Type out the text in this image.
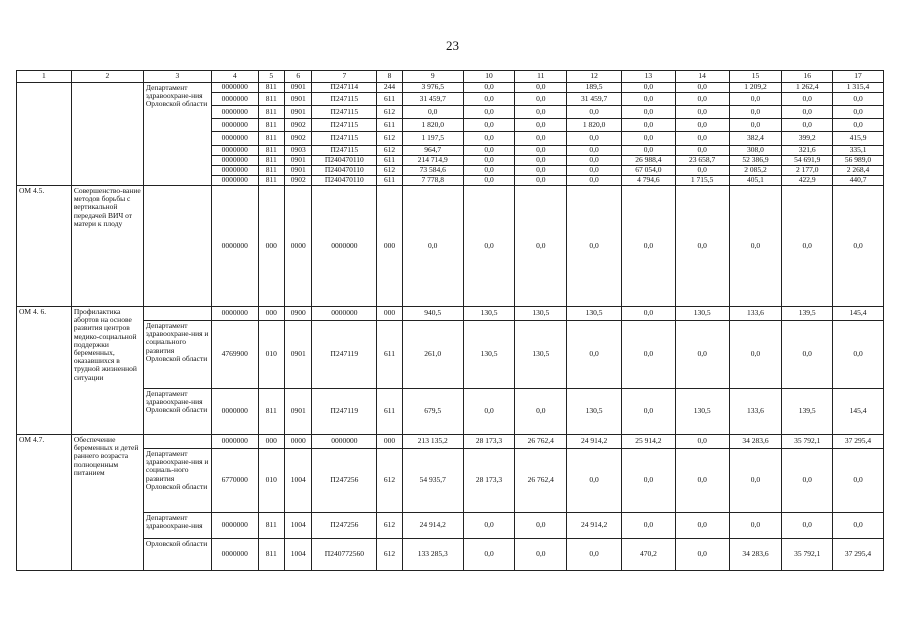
23
1	2	3	4	5	6	7	8	9	10	11	12	13	14	15	16	17
		Департамент здравоохране-ния Орловской области	0000000	811	0901	П247114	244	3 976,5	0,0	0,0	189,5	0,0	0,0	1 209,2	1 262,4	1 315,4
			0000000	811	0901	П247115	611	31 459,7	0,0	0,0	31 459,7	0,0	0,0	0,0	0,0	0,0
			0000000	811	0901	П247115	612	0,0	0,0	0,0	0,0	0,0	0,0	0,0	0,0	0,0
			0000000	811	0902	П247115	611	1 820,0	0,0	0,0	1 820,0	0,0	0,0	0,0	0,0	0,0
			0000000	811	0902	П247115	612	1 197,5	0,0	0,0	0,0	0,0	0,0	382,4	399,2	415,9
			0000000	811	0903	П247115	612	964,7	0,0	0,0	0,0	0,0	0,0	308,0	321,6	335,1
			0000000	811	0901	П240470110	611	214 714,9	0,0	0,0	0,0	26 988,4	23 658,7	52 386,9	54 691,9	56 989,0
			0000000	811	0901	П240470110	612	73 584,6	0,0	0,0	0,0	67 054,0	0,0	2 085,2	2 177,0	2 268,4
			0000000	811	0902	П240470110	611	7 778,8	0,0	0,0	0,0	4 794,6	1 715,5	405,1	422,9	440,7
ОМ 4.5.	Совершенство-вание методов борьбы с вертикальной передачей ВИЧ от матери к плоду		0000000	000	0000	0000000	000	0,0	0,0	0,0	0,0	0,0	0,0	0,0	0,0	0,0
ОМ 4. 6.	Профилактика абортов на основе развития центров медико-социальной поддержки беременных, оказавшихся в трудной жизненной ситуации		0000000	000	0900	0000000	000	940,5	130,5	130,5	130,5	0,0	130,5	133,6	139,5	145,4
		Департамент здравоохране-ния и социального развития Орловской области	4769900	010	0901	П247119	611	261,0	130,5	130,5	0,0	0,0	0,0	0,0	0,0	0,0
		Департамент здравоохране-ния Орловской области	0000000	811	0901	П247119	611	679,5	0,0	0,0	130,5	0,0	130,5	133,6	139,5	145,4
ОМ 4.7.	Обеспечение беременных и детей раннего возраста полноценным питанием		0000000	000	0000	0000000	000	213 135,2	28 173,3	26 762,4	24 914,2	25 914,2	0,0	34 283,6	35 792,1	37 295,4
		Департамент здравоохране-ния и социаль-ного развития Орловской области	6770000	010	1004	П247256	612	54 935,7	28 173,3	26 762,4	0,0	0,0	0,0	0,0	0,0	0,0
		Департамент здравоохране-ния	0000000	811	1004	П247256	612	24 914,2	0,0	0,0	24 914,2	0,0	0,0	0,0	0,0	0,0
		Орловской области	0000000	811	1004	П240772560	612	133 285,3	0,0	0,0	0,0	470,2	0,0	34 283,6	35 792,1	37 295,4
